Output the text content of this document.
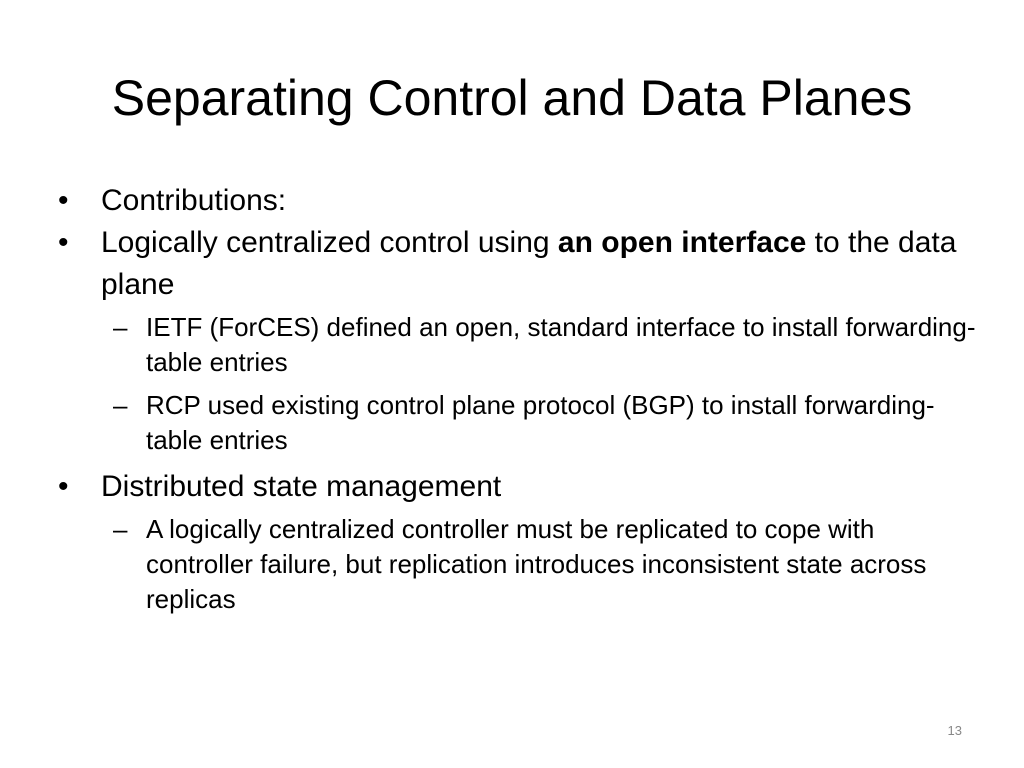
Separating Control and Data Planes
• Contributions:
• Logically centralized control using an open interface to the data plane
– IETF (ForCES) defined an open, standard interface to install forwarding-table entries
– RCP used existing control plane protocol (BGP) to install forwarding-table entries
• Distributed state management
– A logically centralized controller must be replicated to cope with controller failure, but replication introduces inconsistent state across replicas
13
